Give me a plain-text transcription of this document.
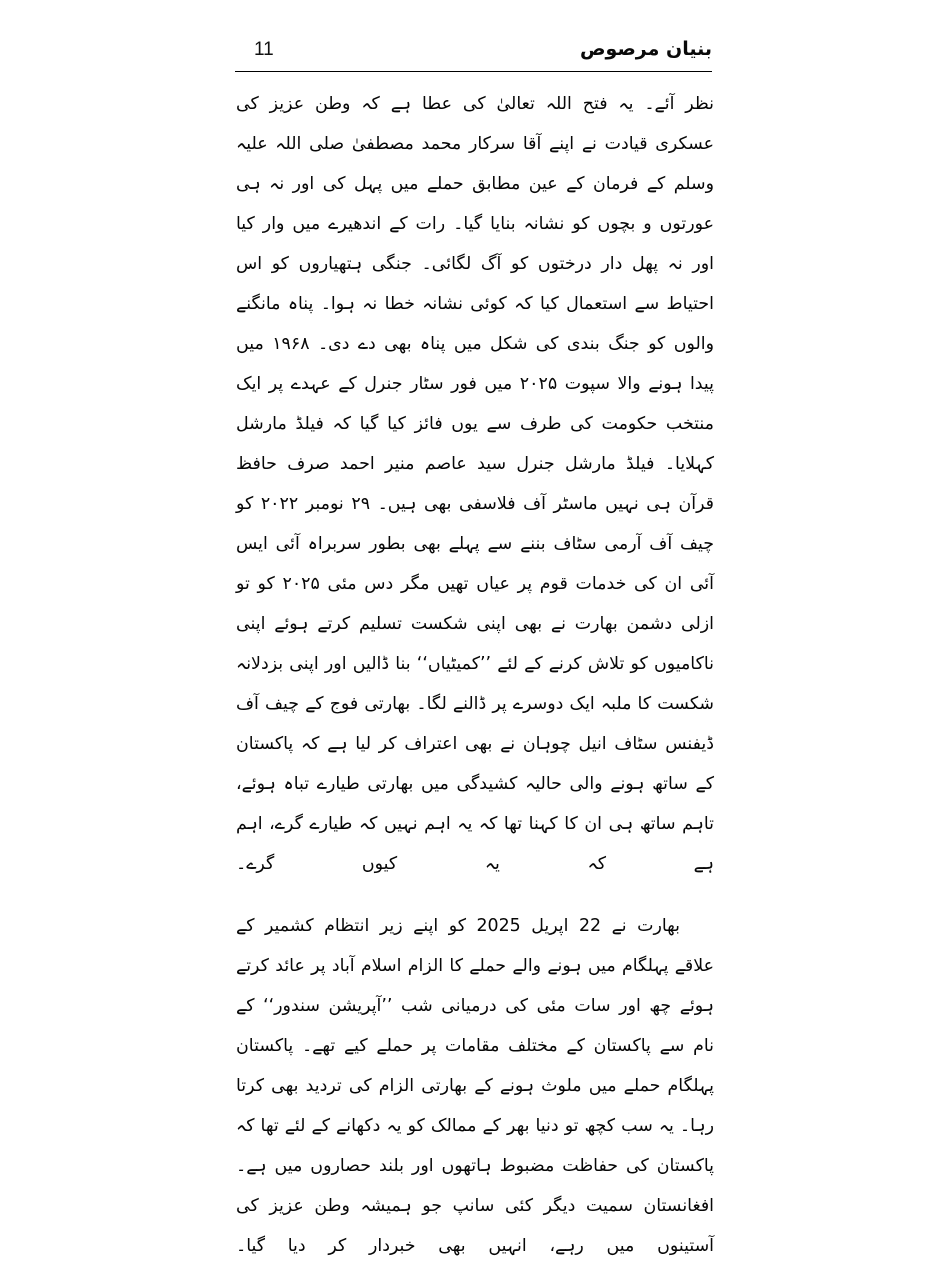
بنیان مرصوص
11

نظر آئے۔ یہ فتح اللہ تعالیٰ کی عطا ہے کہ وطن عزیز کی عسکری قیادت نے اپنے آقا سرکار محمد مصطفیٰ صلی اللہ علیہ وسلم کے فرمان کے عین مطابق حملے میں پہل کی اور نہ ہی عورتوں و بچوں کو نشانہ بنایا گیا۔ رات کے اندھیرے میں وار کیا اور نہ پھل دار درختوں کو آگ لگائی۔ جنگی ہتھیاروں کو اس احتیاط سے استعمال کیا کہ کوئی نشانہ خطا نہ ہوا۔ پناہ مانگنے والوں کو جنگ بندی کی شکل میں پناہ بھی دے دی۔ ۱۹۶۸ میں پیدا ہونے والا سپوت ۲۰۲۵ میں فور سٹار جنرل کے عہدے پر ایک منتخب حکومت کی طرف سے یوں فائز کیا گیا کہ فیلڈ مارشل کہلایا۔ فیلڈ مارشل جنرل سید عاصم منیر احمد صرف حافظ قرآن ہی نہیں ماسٹر آف فلاسفی بھی ہیں۔ ۲۹ نومبر ۲۰۲۲ کو چیف آف آرمی سٹاف بننے سے پہلے بھی بطور سربراہ آئی ایس آئی ان کی خدمات قوم پر عیاں تھیں مگر دس مئی ۲۰۲۵ کو تو ازلی دشمن بھارت نے بھی اپنی شکست تسلیم کرتے ہوئے اپنی ناکامیوں کو تلاش کرنے کے لئے ’’کمیٹیاں‘‘ بنا ڈالیں اور اپنی بزدلانہ شکست کا ملبہ ایک دوسرے پر ڈالنے لگا۔ بھارتی فوج کے چیف آف ڈیفنس سٹاف انیل چوہان نے بھی اعتراف کر لیا ہے کہ پاکستان کے ساتھ ہونے والی حالیہ کشیدگی میں بھارتی طیارے تباہ ہوئے، تاہم ساتھ ہی ان کا کہنا تھا کہ یہ اہم نہیں کہ طیارے گرے، اہم ہے کہ یہ کیوں گرے۔

بھارت نے 22 اپریل 2025 کو اپنے زیر انتظام کشمیر کے علاقے پہلگام میں ہونے والے حملے کا الزام اسلام آباد پر عائد کرتے ہوئے چھ اور سات مئی کی درمیانی شب ’’آپریشن سندور‘‘ کے نام سے پاکستان کے مختلف مقامات پر حملے کیے تھے۔ پاکستان پہلگام حملے میں ملوث ہونے کے بھارتی الزام کی تردید بھی کرتا رہا۔ یہ سب کچھ تو دنیا بھر کے ممالک کو یہ دکھانے کے لئے تھا کہ پاکستان کی حفاظت مضبوط ہاتھوں اور بلند حصاروں میں ہے۔ افغانستان سمیت دیگر کئی سانپ جو ہمیشہ وطن عزیز کی آستینوں میں رہے، انہیں بھی خبردار کر دیا گیا۔
